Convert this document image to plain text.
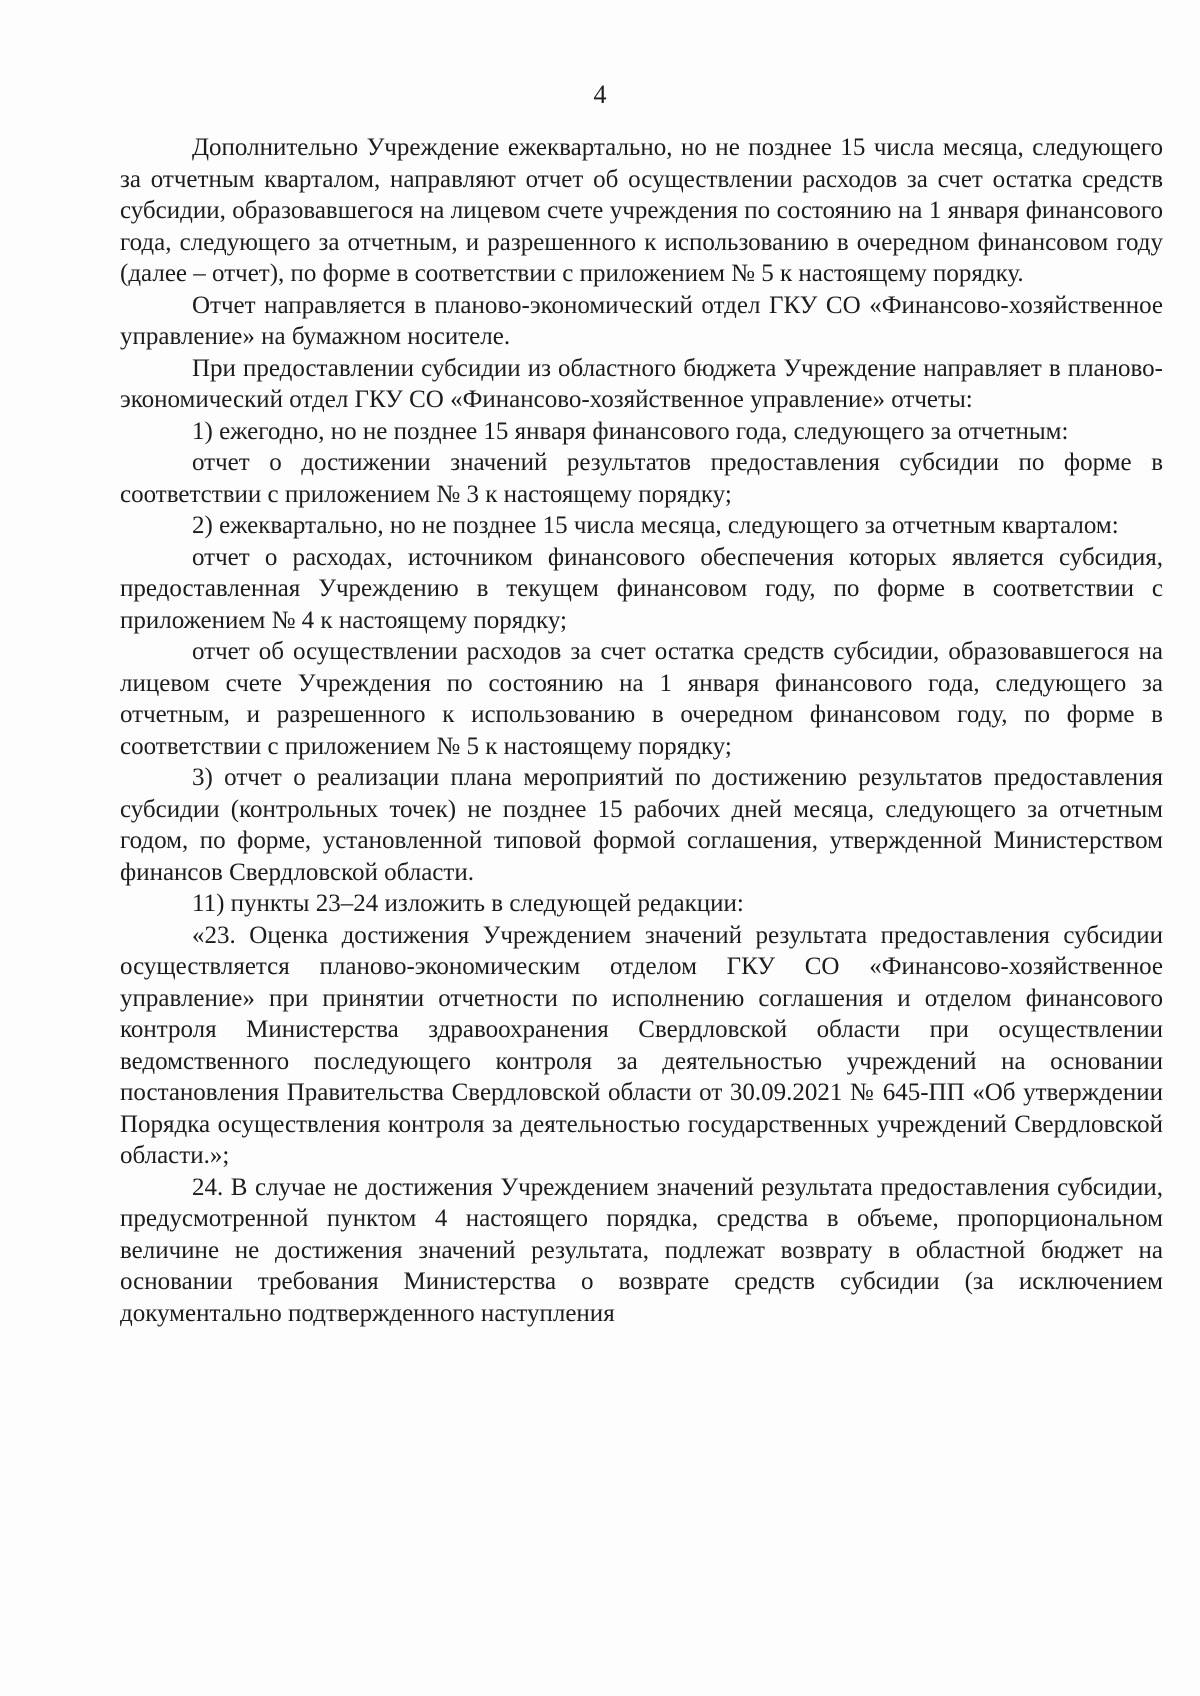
4

Дополнительно Учреждение ежеквартально, но не позднее 15 числа месяца, следующего за отчетным кварталом, направляют отчет об осуществлении расходов за счет остатка средств субсидии, образовавшегося на лицевом счете учреждения по состоянию на 1 января финансового года, следующего за отчетным, и разрешенного к использованию в очередном финансовом году (далее – отчет), по форме в соответствии с приложением № 5 к настоящему порядку.

Отчет направляется в планово-экономический отдел ГКУ СО «Финансово-хозяйственное управление» на бумажном носителе.

При предоставлении субсидии из областного бюджета Учреждение направляет в планово-экономический отдел ГКУ СО «Финансово-хозяйственное управление» отчеты:

1) ежегодно, но не позднее 15 января финансового года, следующего за отчетным:

отчет о достижении значений результатов предоставления субсидии по форме в соответствии с приложением № 3 к настоящему порядку;

2) ежеквартально, но не позднее 15 числа месяца, следующего за отчетным кварталом:

отчет о расходах, источником финансового обеспечения которых является субсидия, предоставленная Учреждению в текущем финансовом году, по форме в соответствии с приложением № 4 к настоящему порядку;

отчет об осуществлении расходов за счет остатка средств субсидии, образовавшегося на лицевом счете Учреждения по состоянию на 1 января финансового года, следующего за отчетным, и разрешенного к использованию в очередном финансовом году, по форме в соответствии с приложением № 5 к настоящему порядку;

3) отчет о реализации плана мероприятий по достижению результатов предоставления субсидии (контрольных точек) не позднее 15 рабочих дней месяца, следующего за отчетным годом, по форме, установленной типовой формой соглашения, утвержденной Министерством финансов Свердловской области.

11) пункты 23–24 изложить в следующей редакции:

«23. Оценка достижения Учреждением значений результата предоставления субсидии осуществляется планово-экономическим отделом ГКУ СО «Финансово-хозяйственное управление» при принятии отчетности по исполнению соглашения и отделом финансового контроля Министерства здравоохранения Свердловской области при осуществлении ведомственного последующего контроля за деятельностью учреждений на основании постановления Правительства Свердловской области от 30.09.2021 № 645-ПП «Об утверждении Порядка осуществления контроля за деятельностью государственных учреждений Свердловской области.»;

24. В случае не достижения Учреждением значений результата предоставления субсидии, предусмотренной пунктом 4 настоящего порядка, средства в объеме, пропорциональном величине не достижения значений результата, подлежат возврату в областной бюджет на основании требования Министерства о возврате средств субсидии (за исключением документально подтвержденного наступления
